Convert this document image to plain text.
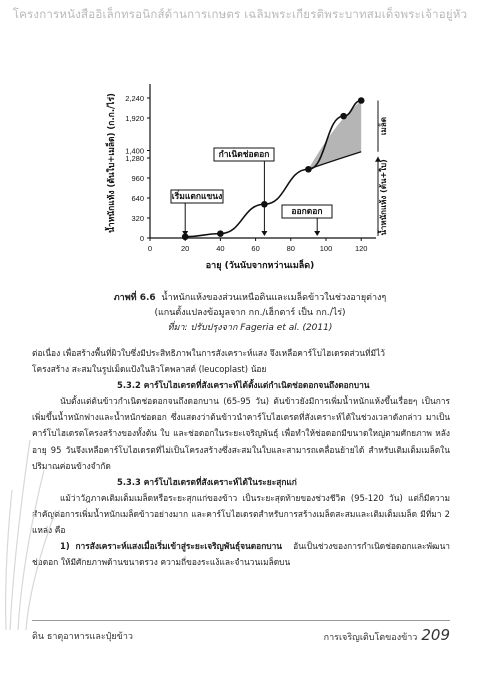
โครงการหนังสืออิเล็กทรอนิกส์ด้านการเกษตร เฉลิมพระเกียรติพระบาทสมเด็จพระเจ้าอยู่หัว
0
320
640
960
1,280
1,400
1,920
2,240
0	20	40	60	80	100	120
อายุ (วันนับจากหว่านเมล็ด)
น้ำหนักแห้ง (ต้นใบ+เมล็ด) (ก.ก./ไร่)	เริ่มแตกแขนง
กำเนิดช่อดอก
ออกดอก
เมล็ด
น้ำหนักแห้ง (ต้น+ใบ)
ภาพที่ 6.6 น้ำหนักแห้งของส่วนเหนือดินและเมล็ดข้าวในช่วงอายุต่างๆ
(แกนตั้งแปลงข้อมูลจาก กก./เฮ็กตาร์ เป็น กก./ไร่)
ที่มา: ปรับปรุงจาก Fageria et al. (2011)

ต่อเนื่อง เพื่อสร้างพื้นที่ผิวใบซึ่งมีประสิทธิภาพในการสังเคราะห์แสง จึงเหลือคาร์โบไฮเดรตส่วนที่มีไว้

โครงสร้าง สะสมในรูปเม็ดแป้งในลิวโคพลาสต์ (leucoplast) น้อย

5.3.2 คาร์โบไฮเดรตที่สังเคราะห์ได้ตั้งแต่กำเนิดช่อดอกจนถึงดอกบาน

นับตั้งแต่ต้นข้าวกำเนิดช่อดอกจนถึงดอกบาน (65-95 วัน) ต้นข้าวยังมีการเพิ่มน้ำหนักแห้งขึ้นเรื่อยๆ เป็นการเพิ่มขึ้นน้ำหนักฟางและน้ำหนักช่อดอก ซึ่งแสดงว่าต้นข้าวนำคาร์โบไฮเดรตที่สังเคราะห์ได้ในช่วงเวลาดังกล่าว มาเป็นคาร์โบไฮเดรตโครงสร้างของทั้งต้น ใบ และช่อดอกในระยะเจริญพันธุ์ เพื่อทำให้ช่อดอกมีขนาดใหญ่ตามศักยภาพ หลังอายุ 95 วันจึงเหลือคาร์โบไฮเดรตที่ไม่เป็นโครงสร้างซึ่งสะสมในใบและสามารถเคลื่อนย้ายได้ สำหรับเติมเต็มเมล็ดในปริมาณค่อนข้างจำกัด

5.3.3 คาร์โบไฮเดรตที่สังเคราะห์ได้ในระยะสุกแก่

แม้ว่าวัฎภาคเติมเต็มเมล็ดหรือระยะสุกแก่ของข้าว เป็นระยะสุดท้ายของช่วงชีวิต (95-120 วัน) แต่ก็มีความสำคัญต่อการเพิ่มน้ำหนักเมล็ดข้าวอย่างมาก และคาร์โบไฮเดรตสำหรับการสร้างเมล็ดสะสมและเติมเต็มเมล็ด มีที่มา 2 แหล่ง คือ

1) การสังเคราะห์แสงเมื่อเริ่มเข้าสู่ระยะเจริญพันธุ์จนดอกบาน อันเป็นช่วงของการกำเนิดช่อดอกและพัฒนาช่อดอก ให้มีศักยภาพด้านขนาดรวง ความถี่ของระแง้และจำนวนเมล็ดบน

ดิน ธาตุอาหารและปุ๋ยข้าว	การเจริญเติบโตของข้าว 209
